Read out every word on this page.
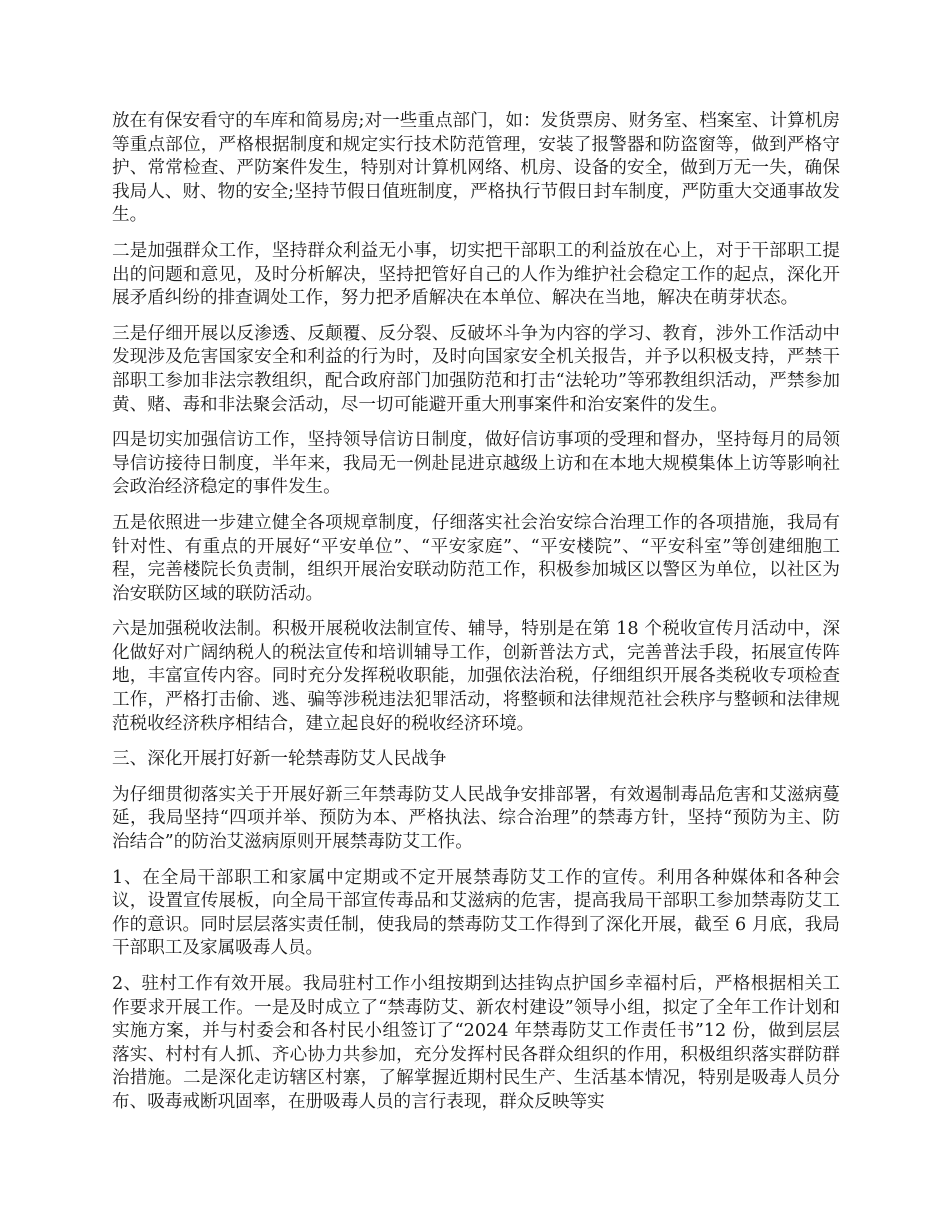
放在有保安看守的车库和简易房;对一些重点部门，如：发货票房、财务室、档案室、计算机房等重点部位，严格根据制度和规定实行技术防范管理，安装了报警器和防盗窗等，做到严格守护、常常检查、严防案件发生，特别对计算机网络、机房、设备的安全，做到万无一失，确保我局人、财、物的安全;坚持节假日值班制度，严格执行节假日封车制度，严防重大交通事故发生。

二是加强群众工作，坚持群众利益无小事，切实把干部职工的利益放在心上，对于干部职工提出的问题和意见，及时分析解决，坚持把管好自己的人作为维护社会稳定工作的起点，深化开展矛盾纠纷的排查调处工作，努力把矛盾解决在本单位、解决在当地，解决在萌芽状态。

三是仔细开展以反渗透、反颠覆、反分裂、反破坏斗争为内容的学习、教育，涉外工作活动中发现涉及危害国家安全和利益的行为时，及时向国家安全机关报告，并予以积极支持，严禁干部职工参加非法宗教组织，配合政府部门加强防范和打击“法轮功”等邪教组织活动，严禁参加黄、赌、毒和非法聚会活动，尽一切可能避开重大刑事案件和治安案件的发生。

四是切实加强信访工作，坚持领导信访日制度，做好信访事项的受理和督办，坚持每月的局领导信访接待日制度，半年来，我局无一例赴昆进京越级上访和在本地大规模集体上访等影响社会政治经济稳定的事件发生。

五是依照进一步建立健全各项规章制度，仔细落实社会治安综合治理工作的各项措施，我局有针对性、有重点的开展好“平安单位”、“平安家庭”、“平安楼院”、“平安科室”等创建细胞工程，完善楼院长负责制，组织开展治安联动防范工作，积极参加城区以警区为单位，以社区为治安联防区域的联防活动。

六是加强税收法制。积极开展税收法制宣传、辅导，特别是在第 18 个税收宣传月活动中，深化做好对广阔纳税人的税法宣传和培训辅导工作，创新普法方式，完善普法手段，拓展宣传阵地，丰富宣传内容。同时充分发挥税收职能，加强依法治税，仔细组织开展各类税收专项检查工作，严格打击偷、逃、骗等涉税违法犯罪活动，将整顿和法律规范社会秩序与整顿和法律规范税收经济秩序相结合，建立起良好的税收经济环境。

三、深化开展打好新一轮禁毒防艾人民战争

为仔细贯彻落实关于开展好新三年禁毒防艾人民战争安排部署，有效遏制毒品危害和艾滋病蔓延，我局坚持“四项并举、预防为本、严格执法、综合治理”的禁毒方针，坚持“预防为主、防治结合”的防治艾滋病原则开展禁毒防艾工作。

1、在全局干部职工和家属中定期或不定开展禁毒防艾工作的宣传。利用各种媒体和各种会议，设置宣传展板，向全局干部宣传毒品和艾滋病的危害，提高我局干部职工参加禁毒防艾工作的意识。同时层层落实责任制，使我局的禁毒防艾工作得到了深化开展，截至 6 月底，我局干部职工及家属吸毒人员。

2、驻村工作有效开展。我局驻村工作小组按期到达挂钩点护国乡幸福村后，严格根据相关工作要求开展工作。一是及时成立了“禁毒防艾、新农村建设”领导小组，拟定了全年工作计划和实施方案，并与村委会和各村民小组签订了“2024 年禁毒防艾工作责任书”12 份，做到层层落实、村村有人抓、齐心协力共参加，充分发挥村民各群众组织的作用，积极组织落实群防群治措施。二是深化走访辖区村寨，了解掌握近期村民生产、生活基本情况，特别是吸毒人员分布、吸毒戒断巩固率，在册吸毒人员的言行表现，群众反映等实
